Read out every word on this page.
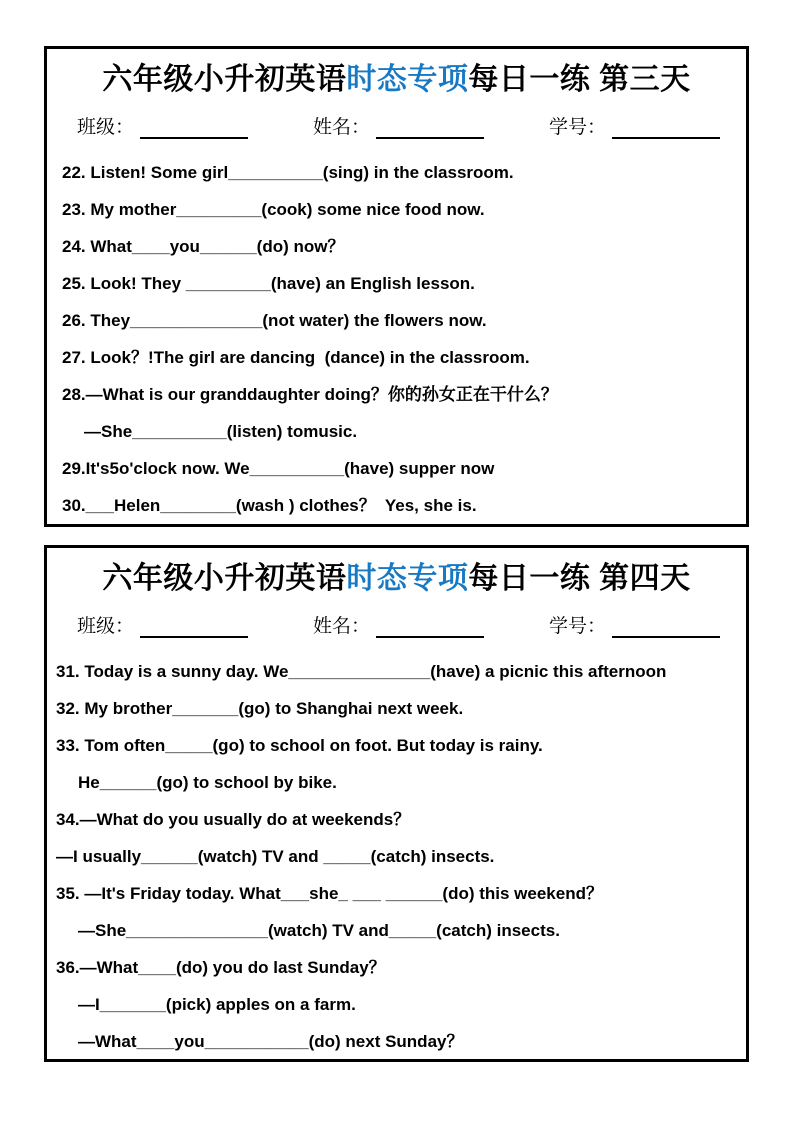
六年级小升初英语时态专项每日一练 第三天
班级：	姓名：	学号：
22. Listen! Some girl__________(sing) in the classroom.
23. My mother_________(cook) some nice food now.
24. What____you______(do) now？
25. Look! They _________(have) an English lesson.
26. They______________(not water) the flowers now.
27. Look？!The girl are dancing  (dance) in the classroom.
28.—What is our granddaughter doing？你的孙女正在干什么？
—She__________(listen) tomusic.
29.It's5o'clock now. We__________(have) supper now
30.___Helen________(wash ) clothes？  Yes, she is.
六年级小升初英语时态专项每日一练 第四天
班级：	姓名：	学号：
31. Today is a sunny day. We_______________(have) a picnic this afternoon
32. My brother_______(go) to Shanghai next week.
33. Tom often_____(go) to school on foot. But today is rainy.
He______(go) to school by bike.
34.—What do you usually do at weekends？
—I usually______(watch) TV and _____(catch) insects.
35. —It's Friday today. What___she_ ___ ______(do) this weekend？
—She_______________(watch) TV and_____(catch) insects.
36.—What____(do) you do last Sunday？
—I_______(pick) apples on a farm.
—What____you___________(do) next Sunday？
